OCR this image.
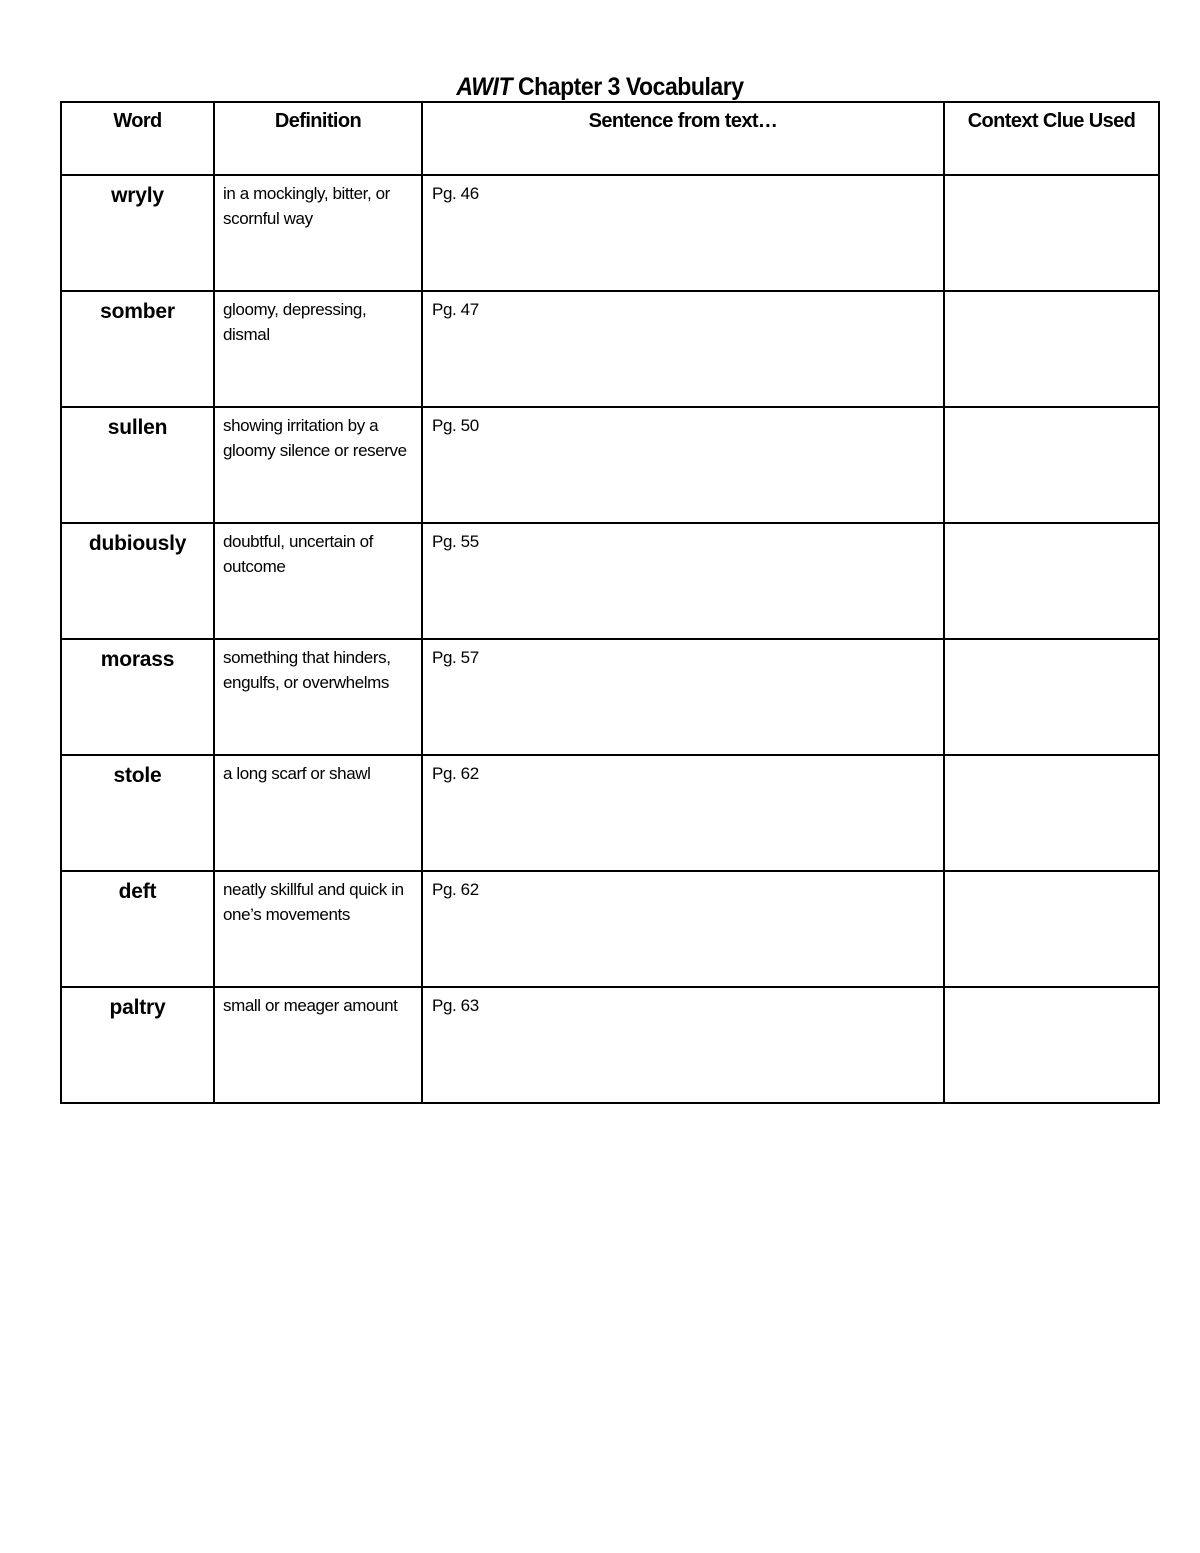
AWIT Chapter 3 Vocabulary
Word	Definition	Sentence from text…	Context Clue Used
wryly	in a mockingly, bitter, or scornful way	Pg. 46	
somber	gloomy, depressing, dismal	Pg. 47	
sullen	showing irritation by a gloomy silence or reserve	Pg. 50	
dubiously	doubtful, uncertain of outcome	Pg. 55	
morass	something that hinders, engulfs, or overwhelms	Pg. 57	
stole	a long scarf or shawl	Pg. 62	
deft	neatly skillful and quick in one’s movements	Pg. 62	
paltry	small or meager amount	Pg. 63	
